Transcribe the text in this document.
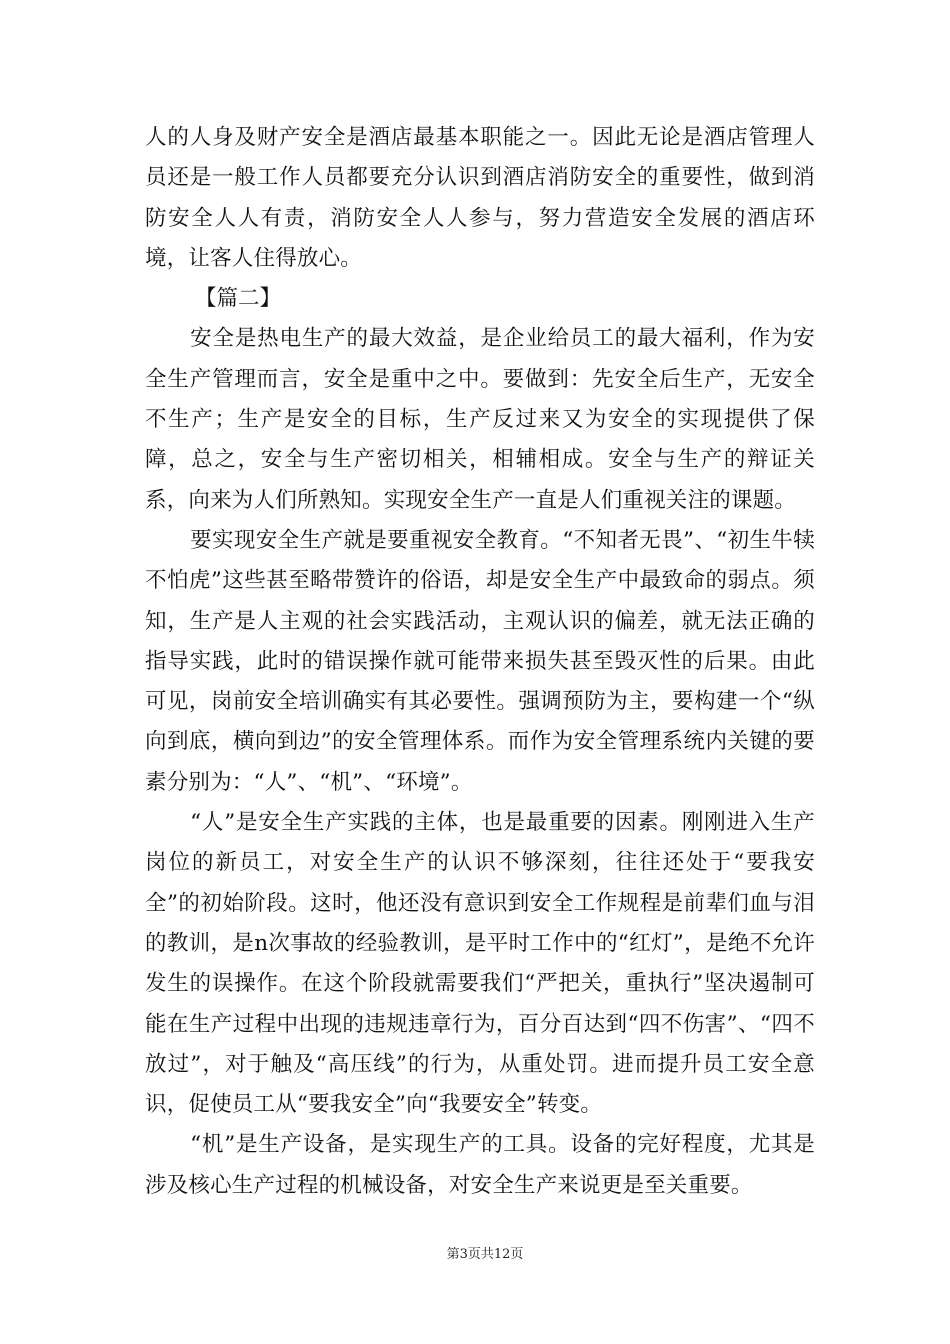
人的人身及财产安全是酒店最基本职能之一。因此无论是酒店管理人员还是一般工作人员都要充分认识到酒店消防安全的重要性，做到消防安全人人有责，消防安全人人参与，努力营造安全发展的酒店环境，让客人住得放心。

【篇二】

安全是热电生产的最大效益，是企业给员工的最大福利，作为安全生产管理而言，安全是重中之中。要做到：先安全后生产，无安全不生产；生产是安全的目标，生产反过来又为安全的实现提供了保障，总之，安全与生产密切相关，相辅相成。安全与生产的辩证关系，向来为人们所熟知。实现安全生产一直是人们重视关注的课题。

要实现安全生产就是要重视安全教育。“不知者无畏”、“初生牛犊不怕虎”这些甚至略带赞许的俗语，却是安全生产中最致命的弱点。须知，生产是人主观的社会实践活动，主观认识的偏差，就无法正确的指导实践，此时的错误操作就可能带来损失甚至毁灭性的后果。由此可见，岗前安全培训确实有其必要性。强调预防为主，要构建一个“纵向到底，横向到边”的安全管理体系。而作为安全管理系统内关键的要素分别为：“人”、“机”、“环境”。

“人”是安全生产实践的主体，也是最重要的因素。刚刚进入生产岗位的新员工，对安全生产的认识不够深刻，往往还处于“要我安全”的初始阶段。这时，他还没有意识到安全工作规程是前辈们血与泪的教训，是n次事故的经验教训，是平时工作中的“红灯”，是绝不允许发生的误操作。在这个阶段就需要我们“严把关，重执行”坚决遏制可能在生产过程中出现的违规违章行为，百分百达到“四不伤害”、“四不放过”，对于触及“高压线”的行为，从重处罚。进而提升员工安全意识，促使员工从“要我安全”向“我要安全”转变。

“机”是生产设备，是实现生产的工具。设备的完好程度，尤其是涉及核心生产过程的机械设备，对安全生产来说更是至关重要。

第3页共12页
